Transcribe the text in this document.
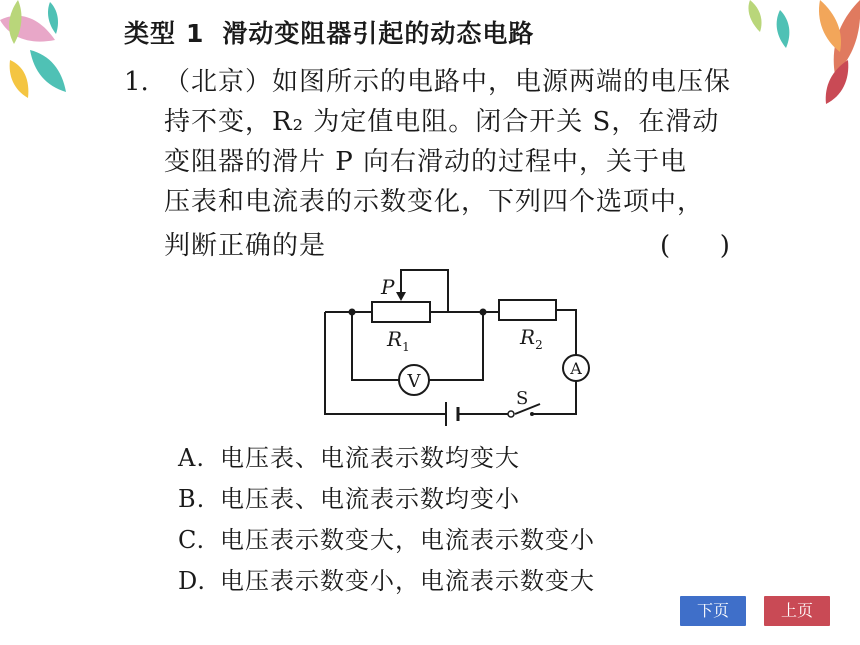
类型 1 滑动变阻器引起的动态电路
1. （北京）如图所示的电路中，电源两端的电压保
持不变，R₂ 为定值电阻。闭合开关 S，在滑动
变阻器的滑片 P 向右滑动的过程中，关于电
压表和电流表的示数变化，下列四个选项中，
判断正确的是	(      )
P
$R_1$	$R_2$
V
A
S
A. 电压表、电流表示数均变大
B. 电压表、电流表示数均变小
C. 电压表示数变大，电流表示数变小
D. 电压表示数变小，电流表示数变大
下页	上页
